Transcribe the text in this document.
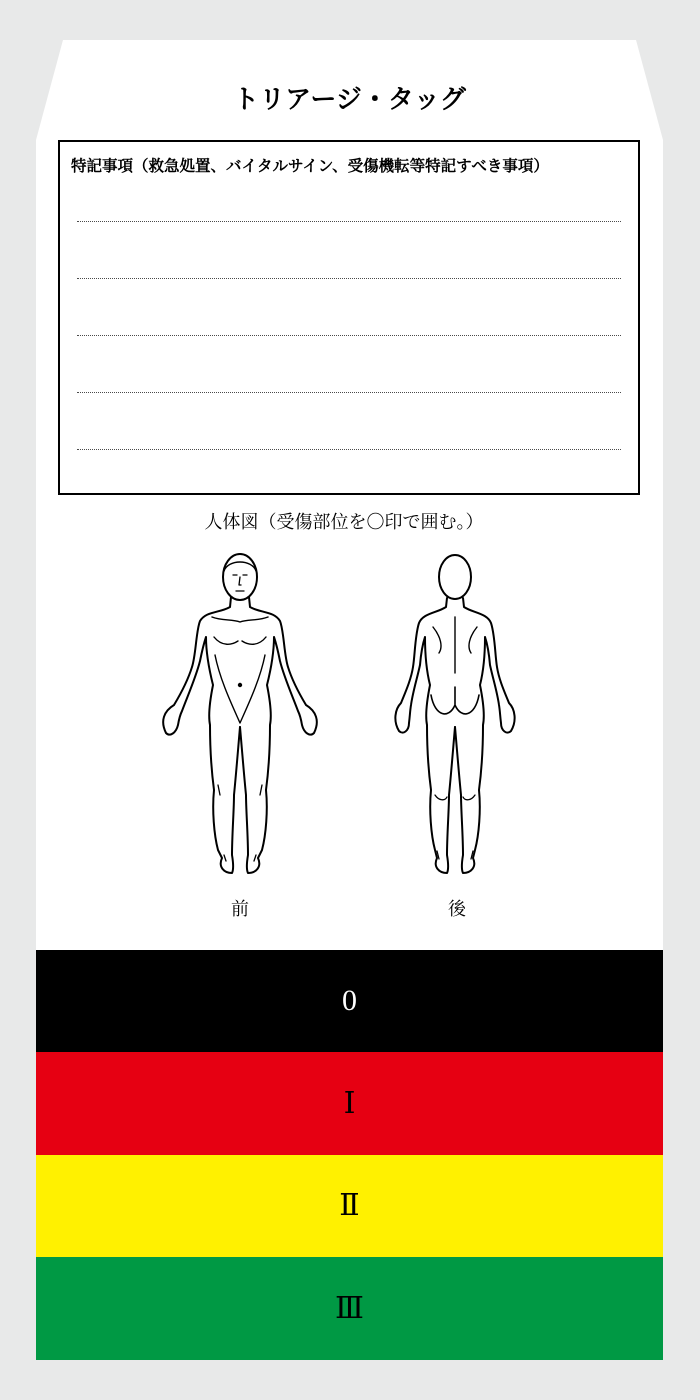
トリアージ・タッグ
特記事項（救急処置、バイタルサイン、受傷機転等特記すべき事項）
人体図（受傷部位を〇印で囲む。）
前	後
0
Ⅰ
Ⅱ
Ⅲ
